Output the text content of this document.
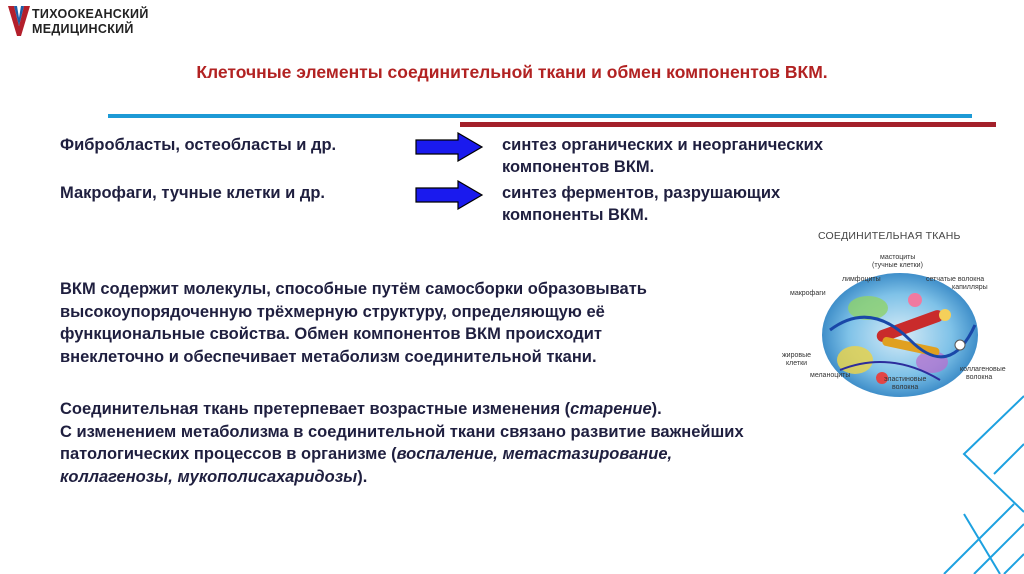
ТИХООКЕАНСКИЙ
МЕДИЦИНСКИЙ
Клеточные элементы соединительной ткани и обмен компонентов ВКМ.
Фибробласты, остеобласты и др.	синтез органических и неорганических
компонентов ВКМ.
Макрофаги, тучные клетки и др.	синтез ферментов, разрушающих
компоненты ВКМ.
ВКМ содержит молекулы, способные путём самосборки образовывать
высокоупорядоченную трёхмерную структуру, определяющую её
функциональные свойства. Обмен компонентов ВКМ происходит
внеклеточно и обеспечивает метаболизм соединительной ткани.
Соединительная ткань претерпевает возрастные изменения (старение).
С изменением метаболизма в соединительной ткани связано развитие важнейших
патологических процессов в организме (воспаление, метастазирование,
коллагенозы, мукополисахаридозы).
СОЕДИНИТЕЛЬНАЯ ТКАНЬ
мастоциты
(тучные клетки)
лимфоциты	сетчатые волокна
капилляры
макрофаги
жировые
клетки
меланоциты
эластиновые
волокна
коллагеновые
волокна
